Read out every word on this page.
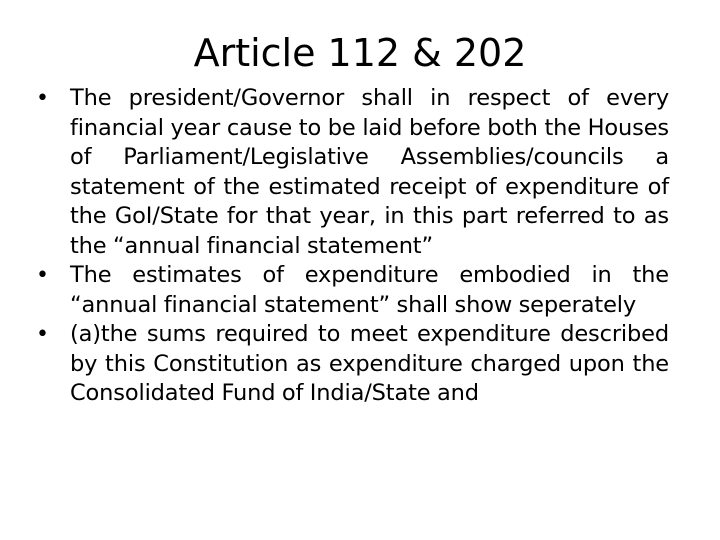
Article 112 & 202
• The president/Governor shall in respect of every financial year cause to be laid before both the Houses of Parliament/Legislative Assemblies/councils a statement of the estimated receipt of expenditure of the GoI/State for that year, in this part referred to as the “annual financial statement”
• The estimates of expenditure embodied in the “annual financial statement” shall show seperately
• (a)the sums required to meet expenditure described by this Constitution as expenditure charged upon the Consolidated Fund of India/State and
